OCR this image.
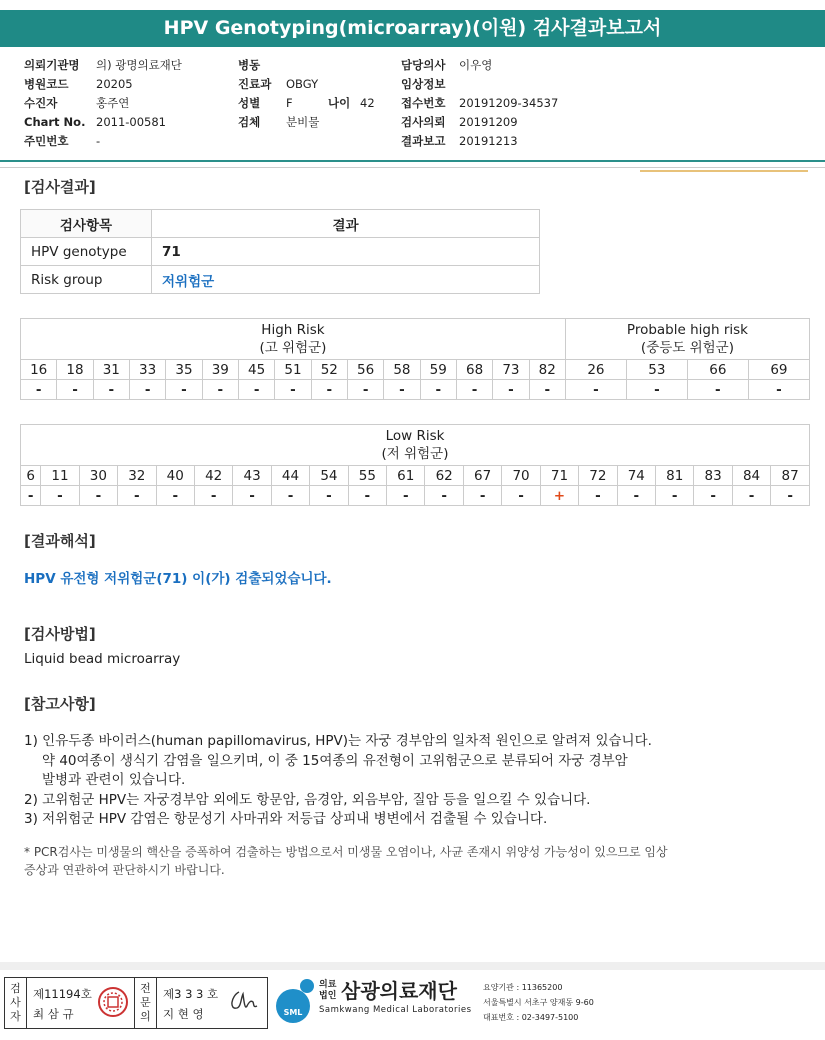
HPV Genotyping(microarray)(이원) 검사결과보고서
의뢰기관명 의) 광명의료재단
병원코드 20205
수진자	홍주연
Chart No. 2011-00581
주민번호 -
병동
진료과 OBGY
성별 F	나이 42
검체 분비물
담당의사 이우영
임상정보
접수번호 20191209-34537
검사의뢰 20191209
결과보고 20191213
[검사결과]
검사항목	결과
HPV genotype	71
Risk group	저위험군
High Risk
(고 위험군)															Probable high risk
(중등도 위험군)			
16	18	31	33	35	39	45	51	52	56	58	59	68	73	82	26	53	66	69
-	-	-	-	-	-	-	-	-	-	-	-	-	-	-	-	-	-	-
Low Risk
(저 위험군)																				
6	11	30	32	40	42	43	44	54	55	61	62	67	70	71	72	74	81	83	84	87
-	-	-	-	-	-	-	-	-	-	-	-	-	-	+	-	-	-	-	-	-
[결과해석]
HPV 유전형 저위험군(71) 이(가) 검출되었습니다.
[검사방법]
Liquid bead microarray
[참고사항]
1) 인유두종 바이러스(human papillomavirus, HPV)는 자궁 경부암의 일차적 원인으로 알려져 있습니다.
약 40여종이 생식기 감염을 일으키며, 이 중 15여종의 유전형이 고위험군으로 분류되어 자궁 경부암
발병과 관련이 있습니다.
2) 고위험군 HPV는 자궁경부암 외에도 항문암, 음경암, 외음부암, 질암 등을 일으킬 수 있습니다.
3) 저위험군 HPV 감염은 항문성기 사마귀와 저등급 상피내 병변에서 검출될 수 있습니다.
* PCR검사는 미생물의 핵산을 증폭하여 검출하는 방법으로서 미생물 오염이나, 사균 존재시 위양성 가능성이 있으므로 임상
증상과 연관하여 판단하시기 바랍니다.
검사자
제11194호
최 삼 규
전문의
제3 3 3 호
지 현 영	SML
의료
법인 삼광의료재단
Samkwang Medical Laboratories
요양기관 : 11365200
서울특별시 서초구 양재동 9-60
대표번호 : 02-3497-5100
